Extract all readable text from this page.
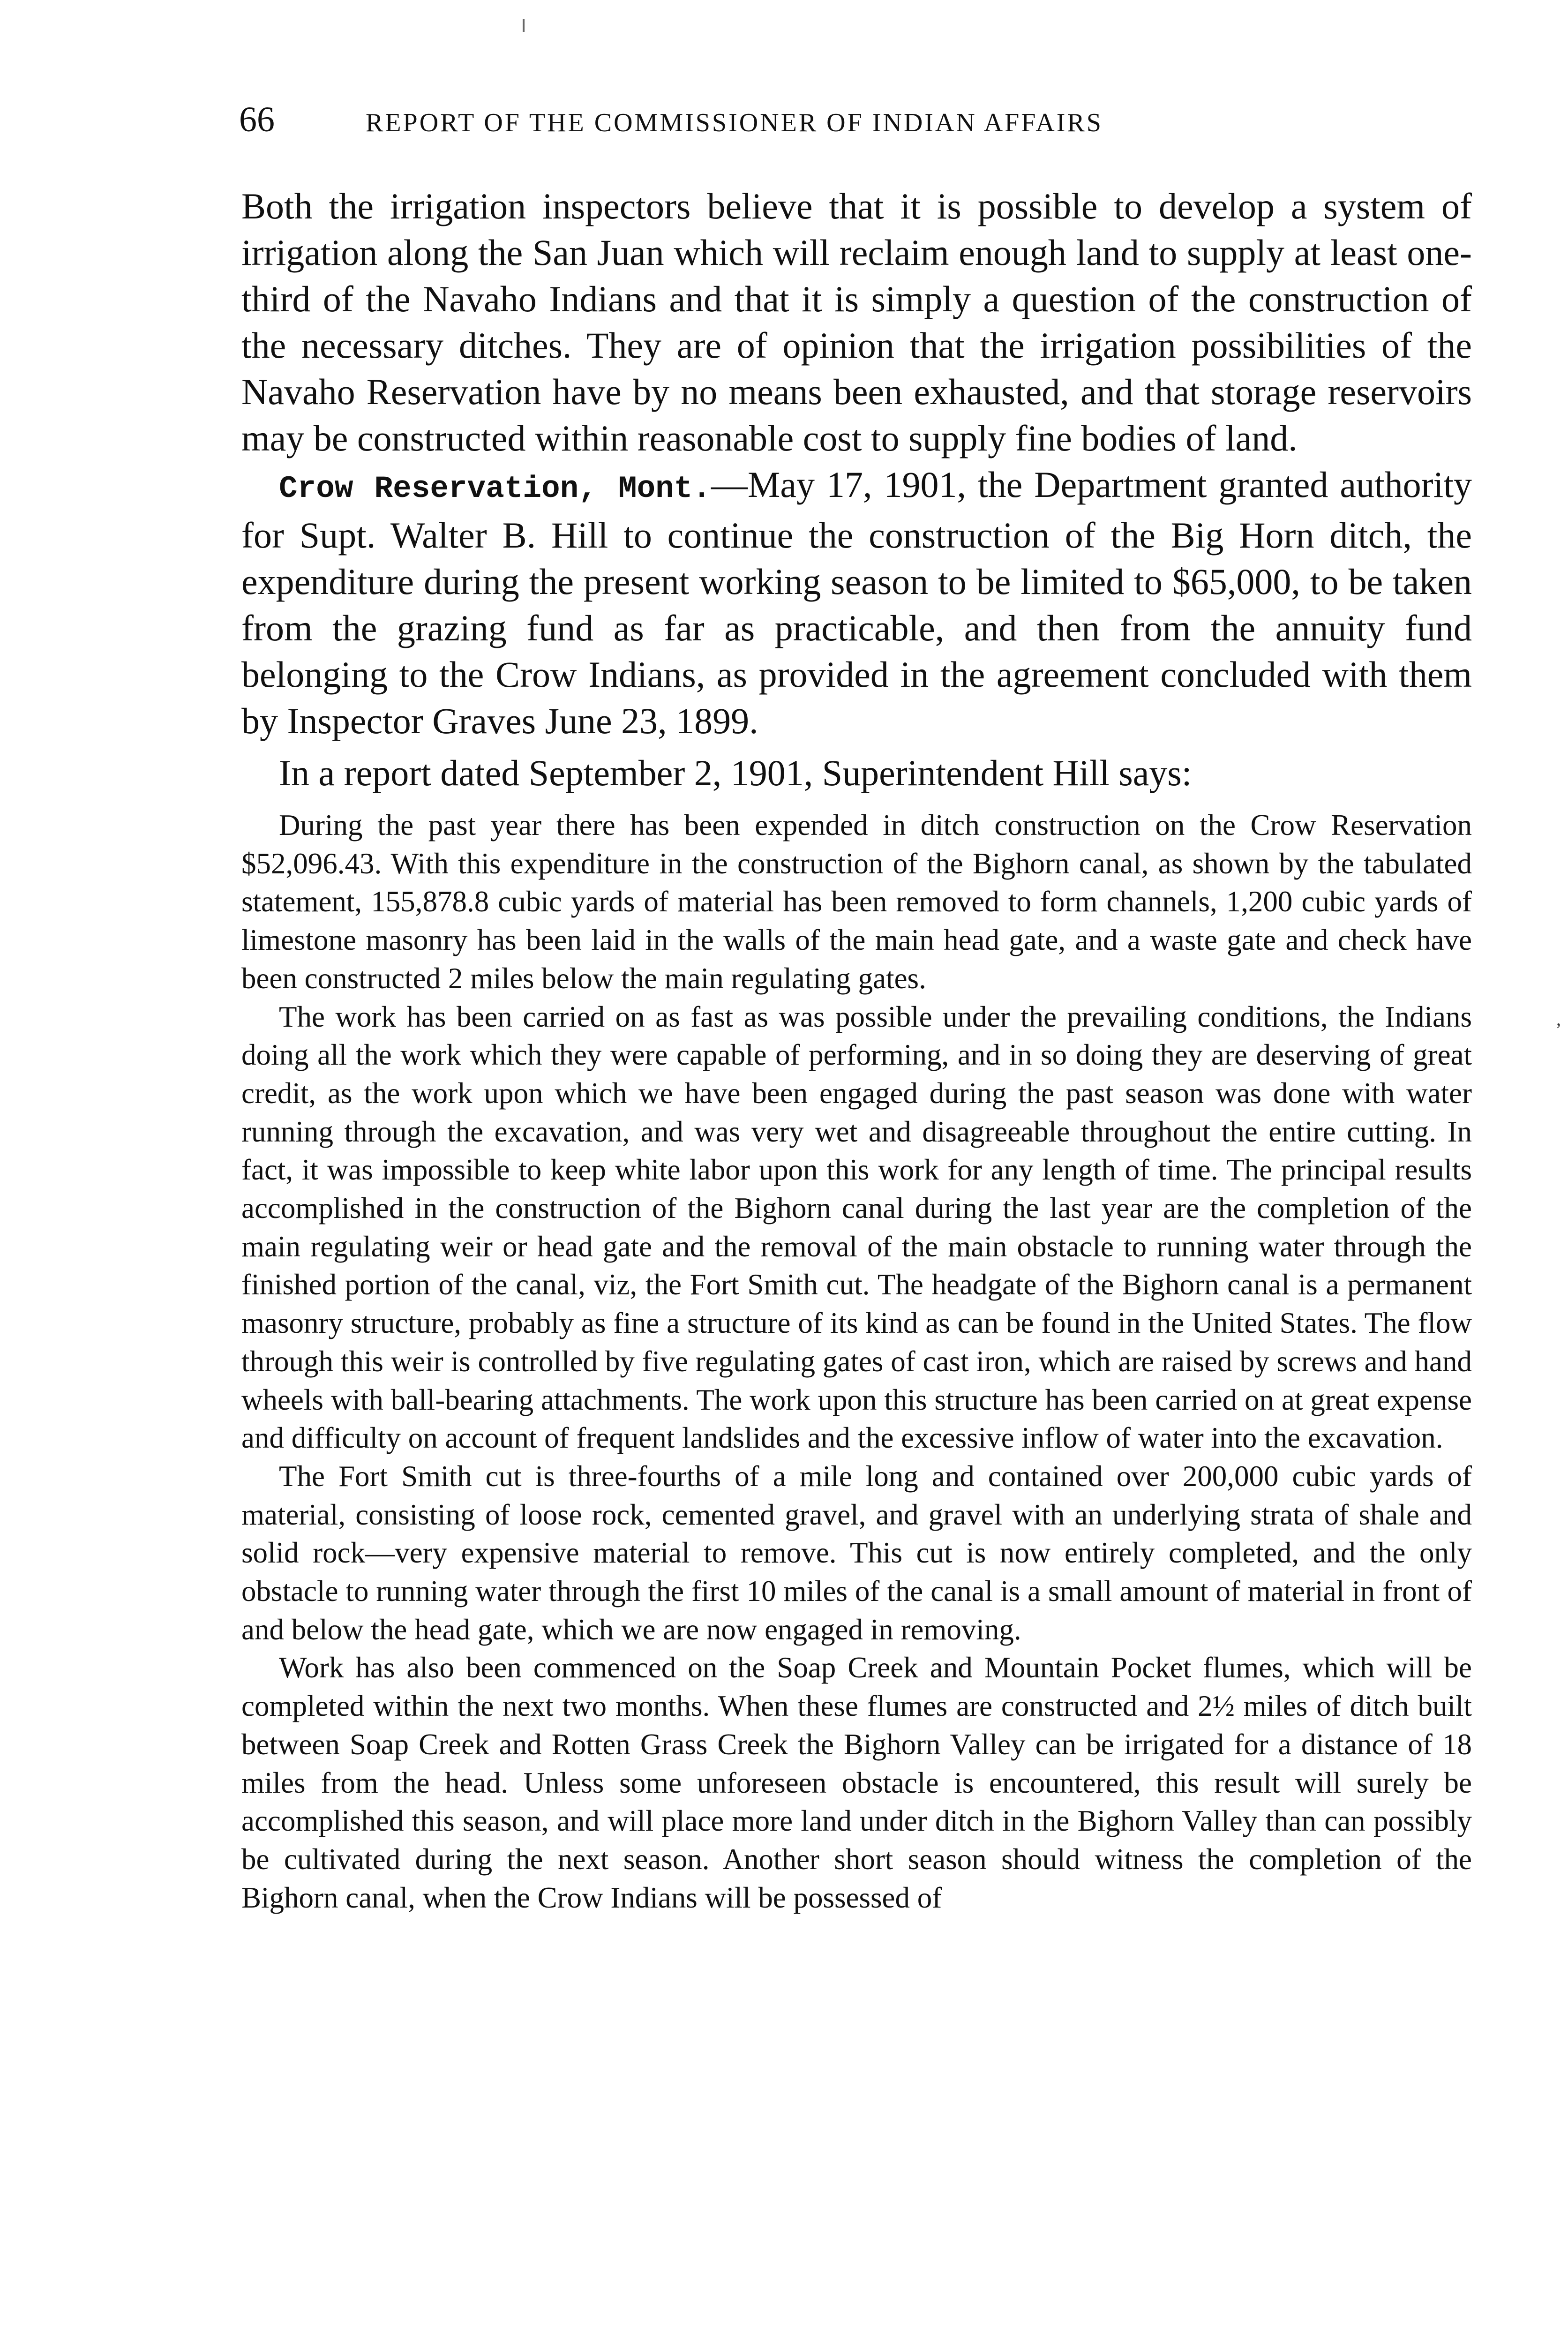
66	REPORT OF THE COMMISSIONER OF INDIAN AFFAIRS

Both the irrigation inspectors believe that it is possible to develop a system of irrigation along the San Juan which will reclaim enough land to supply at least one-third of the Navaho Indians and that it is simply a question of the construction of the necessary ditches. They are of opinion that the irrigation possibilities of the Navaho Reservation have by no means been exhausted, and that storage reservoirs may be constructed within reasonable cost to supply fine bodies of land.

Crow Reservation, Mont.—May 17, 1901, the Department granted authority for Supt. Walter B. Hill to continue the construction of the Big Horn ditch, the expenditure during the present working season to be limited to $65,000, to be taken from the grazing fund as far as practicable, and then from the annuity fund belonging to the Crow Indians, as provided in the agreement concluded with them by Inspector Graves June 23, 1899.

In a report dated September 2, 1901, Superintendent Hill says:

During the past year there has been expended in ditch construction on the Crow Reservation $52,096.43. With this expenditure in the construction of the Bighorn canal, as shown by the tabulated statement, 155,878.8 cubic yards of material has been removed to form channels, 1,200 cubic yards of limestone masonry has been laid in the walls of the main head gate, and a waste gate and check have been constructed 2 miles below the main regulating gates.

The work has been carried on as fast as was possible under the prevailing conditions, the Indians doing all the work which they were capable of performing, and in so doing they are deserving of great credit, as the work upon which we have been engaged during the past season was done with water running through the excavation, and was very wet and disagreeable throughout the entire cutting. In fact, it was impossible to keep white labor upon this work for any length of time. The principal results accomplished in the construction of the Bighorn canal during the last year are the completion of the main regulating weir or head gate and the removal of the main obstacle to running water through the finished portion of the canal, viz, the Fort Smith cut. The headgate of the Bighorn canal is a permanent masonry structure, probably as fine a structure of its kind as can be found in the United States. The flow through this weir is controlled by five regulating gates of cast iron, which are raised by screws and hand wheels with ball-bearing attachments. The work upon this structure has been carried on at great expense and difficulty on account of frequent landslides and the excessive inflow of water into the excavation.

The Fort Smith cut is three-fourths of a mile long and contained over 200,000 cubic yards of material, consisting of loose rock, cemented gravel, and gravel with an underlying strata of shale and solid rock—very expensive material to remove. This cut is now entirely completed, and the only obstacle to running water through the first 10 miles of the canal is a small amount of material in front of and below the head gate, which we are now engaged in removing.

Work has also been commenced on the Soap Creek and Mountain Pocket flumes, which will be completed within the next two months. When these flumes are constructed and 2½ miles of ditch built between Soap Creek and Rotten Grass Creek the Bighorn Valley can be irrigated for a distance of 18 miles from the head. Unless some unforeseen obstacle is encountered, this result will surely be accomplished this season, and will place more land under ditch in the Bighorn Valley than can possibly be cultivated during the next season. Another short season should witness the completion of the Bighorn canal, when the Crow Indians will be possessed of

,
